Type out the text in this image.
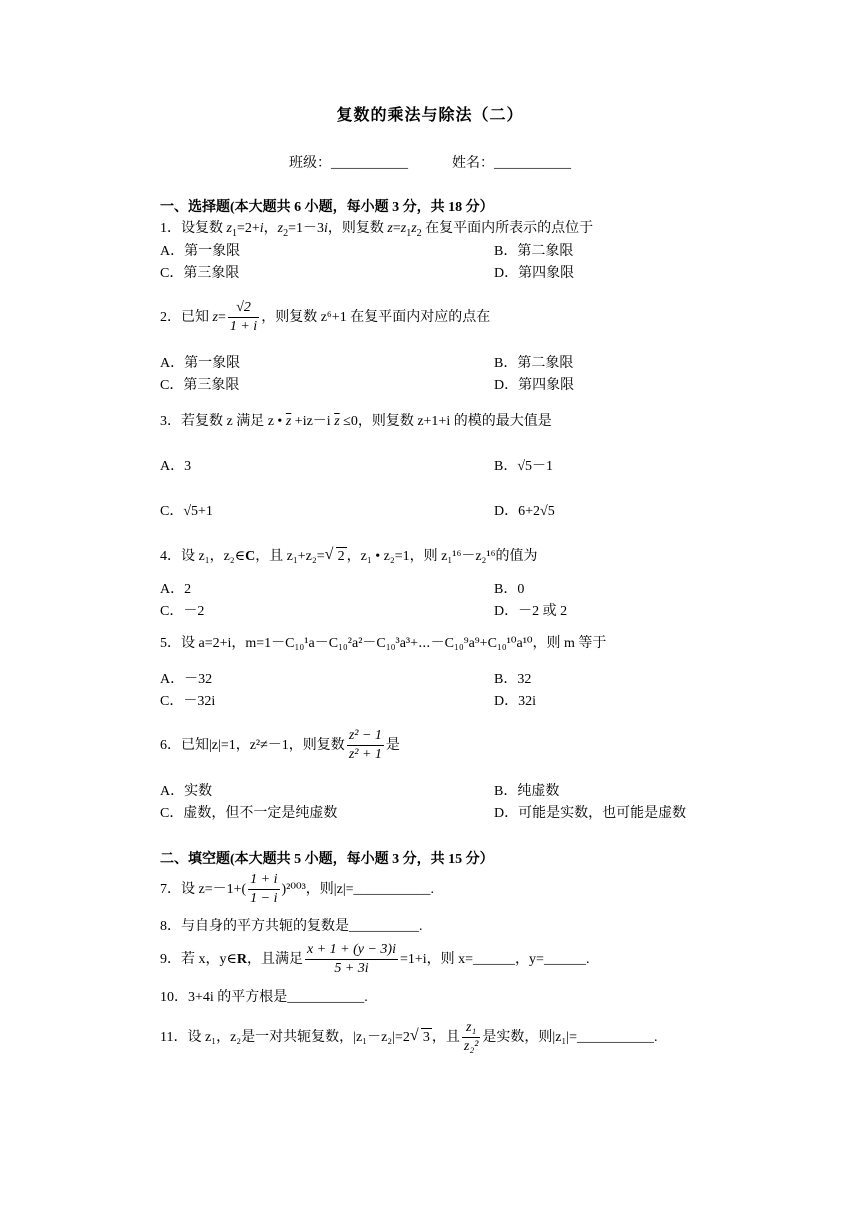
复数的乘法与除法（二）
班级：___________	姓名：___________
一、选择题(本大题共 6 小题，每小题 3 分，共 18 分）
1．设复数 $z_1=2+i$，$z_2=1-3i$，则复数 $z=z_1z_2$ 在复平面内所表示的点位于
A．第一象限	B．第二象限
C．第三象限	D．第四象限
2．已知 $z= \frac{√2}{1 + i}$ ，则复数 z⁶+1 在复平面内对应的点在
A．第一象限	B．第二象限
C．第三象限	D．第四象限
3．若复数 z 满足 z • $\overline{z} +iz-i$ $\overline{z} \le 0$，则复数 z+1+i 的模的最大值是
A．3	B．√5－1
C．√5+1	D．6+2√5
4．设 z₁，z₂∈C，且 z₁+z₂= √ 2 ，z₁ • z₂=1，则 z₁¹⁶－z₂¹⁶的值为
A．2	B．0
C．－2	D．－2 或 2
5．设 a=2+i，m=1－C₁₀¹a－C₁₀²a²－C₁₀³a³+⋯－C₁₀⁹a⁹+C₁₀¹⁰a¹⁰，则 m 等于
A．－32	B．32
C．－32i	D．32i
6．已知|z|=1，z²≠－1，则复数 $\frac{\text{z² − 1}}{\text{z² + 1}}$ 是
A．实数	B．纯虚数
C．虚数，但不一定是纯虚数	D．可能是实数，也可能是虚数
二、填空题(本大题共 5 小题，每小题 3 分，共 15 分）
7．设 $z=-1+( \frac{1 + i}{1 - i} )^{2003}$，则|z|=___________.
8．与自身的平方共轭的复数是__________.
9．若 x，y∈R，且满足 $\frac{x + 1 + (y - 3)i}{5 + 3i} =1+i$，则 x=______，y=______.
10．3+4i 的平方根是___________.
11．设 z₁，z₂是一对共轭复数，|z₁－z₂|=2 √ 3 ，且 $\frac{\text{z₁}}{\text{z₂²}}$ 是实数，则|z₁|=___________.
